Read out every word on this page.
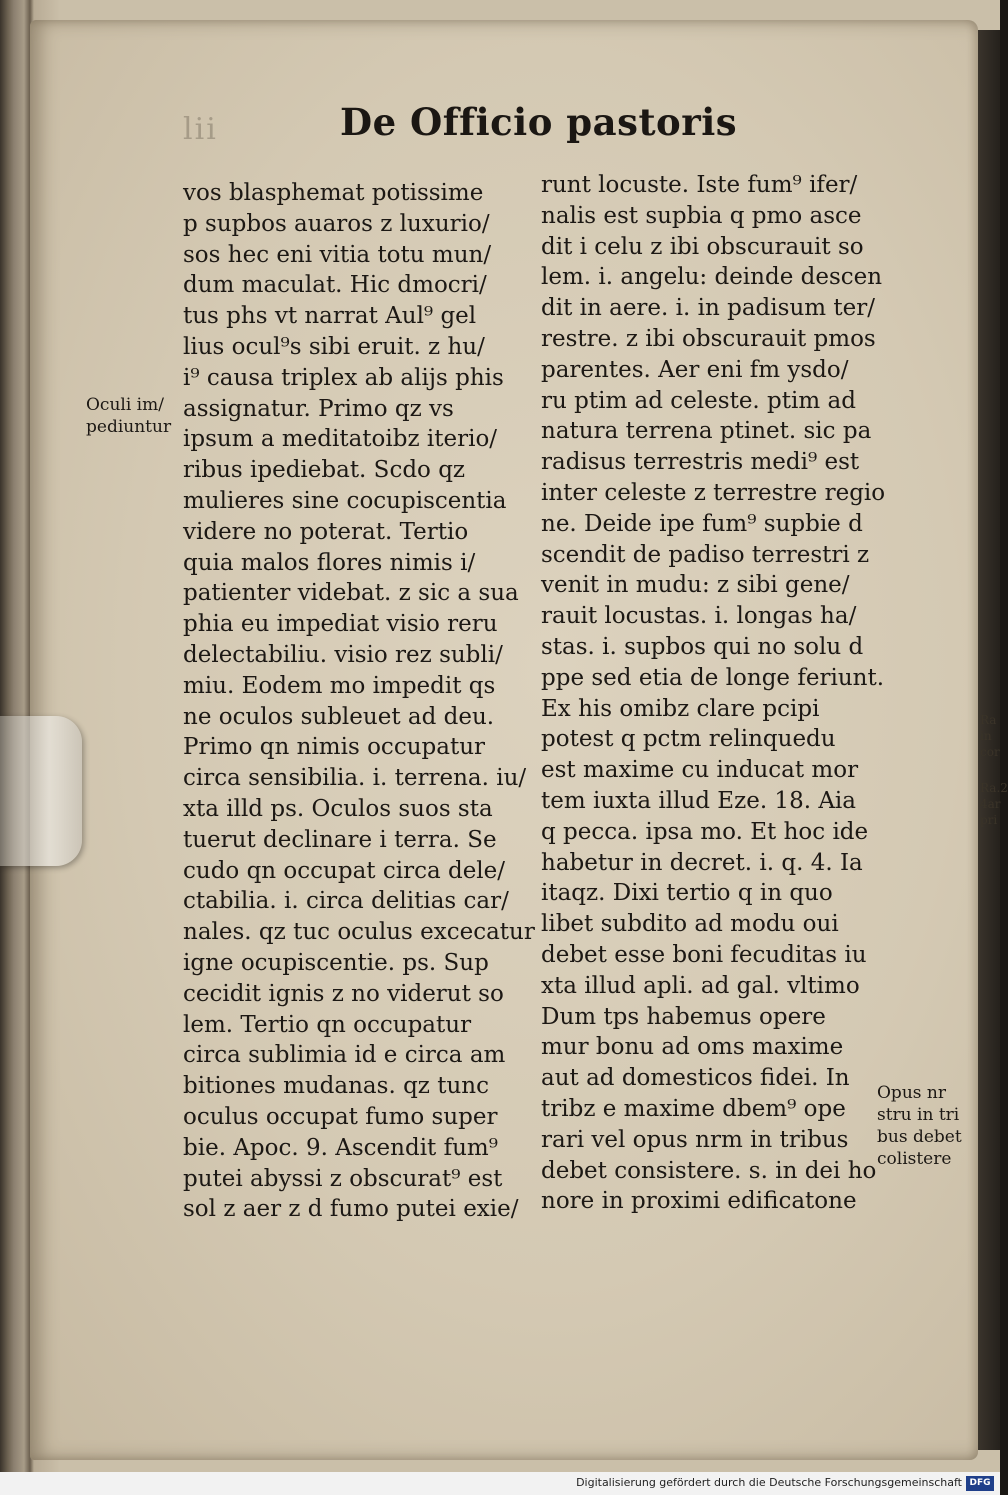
lii	De Officio pastoris
vos blasphemat potissime
p supbos auaros z luxurio/
sos hec eni vitia totu mun/
dum maculat. Hic dmocri/
tus phs vt narrat Aul⁹ gel
lius ocul⁹s sibi eruit. z hu/
i⁹ causa triplex ab alijs phis
assignatur. Primo qz vs
ipsum a meditatoibz iterio/
ribus ipediebat. Scdo qz
mulieres sine cocupiscentia
videre no poterat. Tertio
quia malos flores nimis i/
patienter videbat. z sic a sua
phia eu impediat visio reru
delectabiliu. visio rez subli/
miu. Eodem mo impedit qs
ne oculos subleuet ad deu.
Primo qn nimis occupatur
circa sensibilia. i. terrena. iu/
xta illd ps. Oculos suos sta
tuerut declinare i terra. Se
cudo qn occupat circa dele/
ctabilia. i. circa delitias car/
nales. qz tuc oculus excecatur
igne ocupiscentie. ps. Sup
cecidit ignis z no viderut so
lem. Tertio qn occupatur
circa sublimia id e circa am
bitiones mudanas. qz tunc
oculus occupat fumo super
bie. Apoc. 9. Ascendit fum⁹
putei abyssi z obscurat⁹ est
sol z aer z d fumo putei exie/
runt locuste. Iste fum⁹ ifer/
nalis est supbia q pmo asce
dit i celu z ibi obscurauit so
lem. i. angelu: deinde descen
dit in aere. i. in padisum ter/
restre. z ibi obscurauit pmos
parentes. Aer eni fm ysdo/
ru ptim ad celeste. ptim ad
natura terrena ptinet. sic pa
radisus terrestris medi⁹ est
inter celeste z terrestre regio
ne. Deide ipe fum⁹ supbie d
scendit de padiso terrestri z
venit in mudu: z sibi gene/
rauit locustas. i. longas ha/
stas. i. supbos qui no solu d
ppe sed etia de longe feriunt.
Ex his omibz clare pcipi
potest q pctm relinquedu
est maxime cu inducat mor
tem iuxta illud Eze. 18. Aia
q pecca. ipsa mo. Et hoc ide
habetur in decret. i. q. 4. Ia
itaqz. Dixi tertio q in quo
libet subdito ad modu oui
debet esse boni fecuditas iu
xta illud apli. ad gal. vltimo
Dum tps habemus opere
mur bonu ad oms maxime
aut ad domesticos fidei. In
tribz e maxime dbem⁹ ope
rari vel opus nrm in tribus
debet consistere. s. in dei ho
nore in proximi edificatone
Oculi im/
pediuntur
Opus nr
stru in tri
bus debet
colistere
Ra
in
cor
Ra.2
4ar
pri
Digitalisierung gefördert durch die Deutsche Forschungsgemeinschaft DFG
